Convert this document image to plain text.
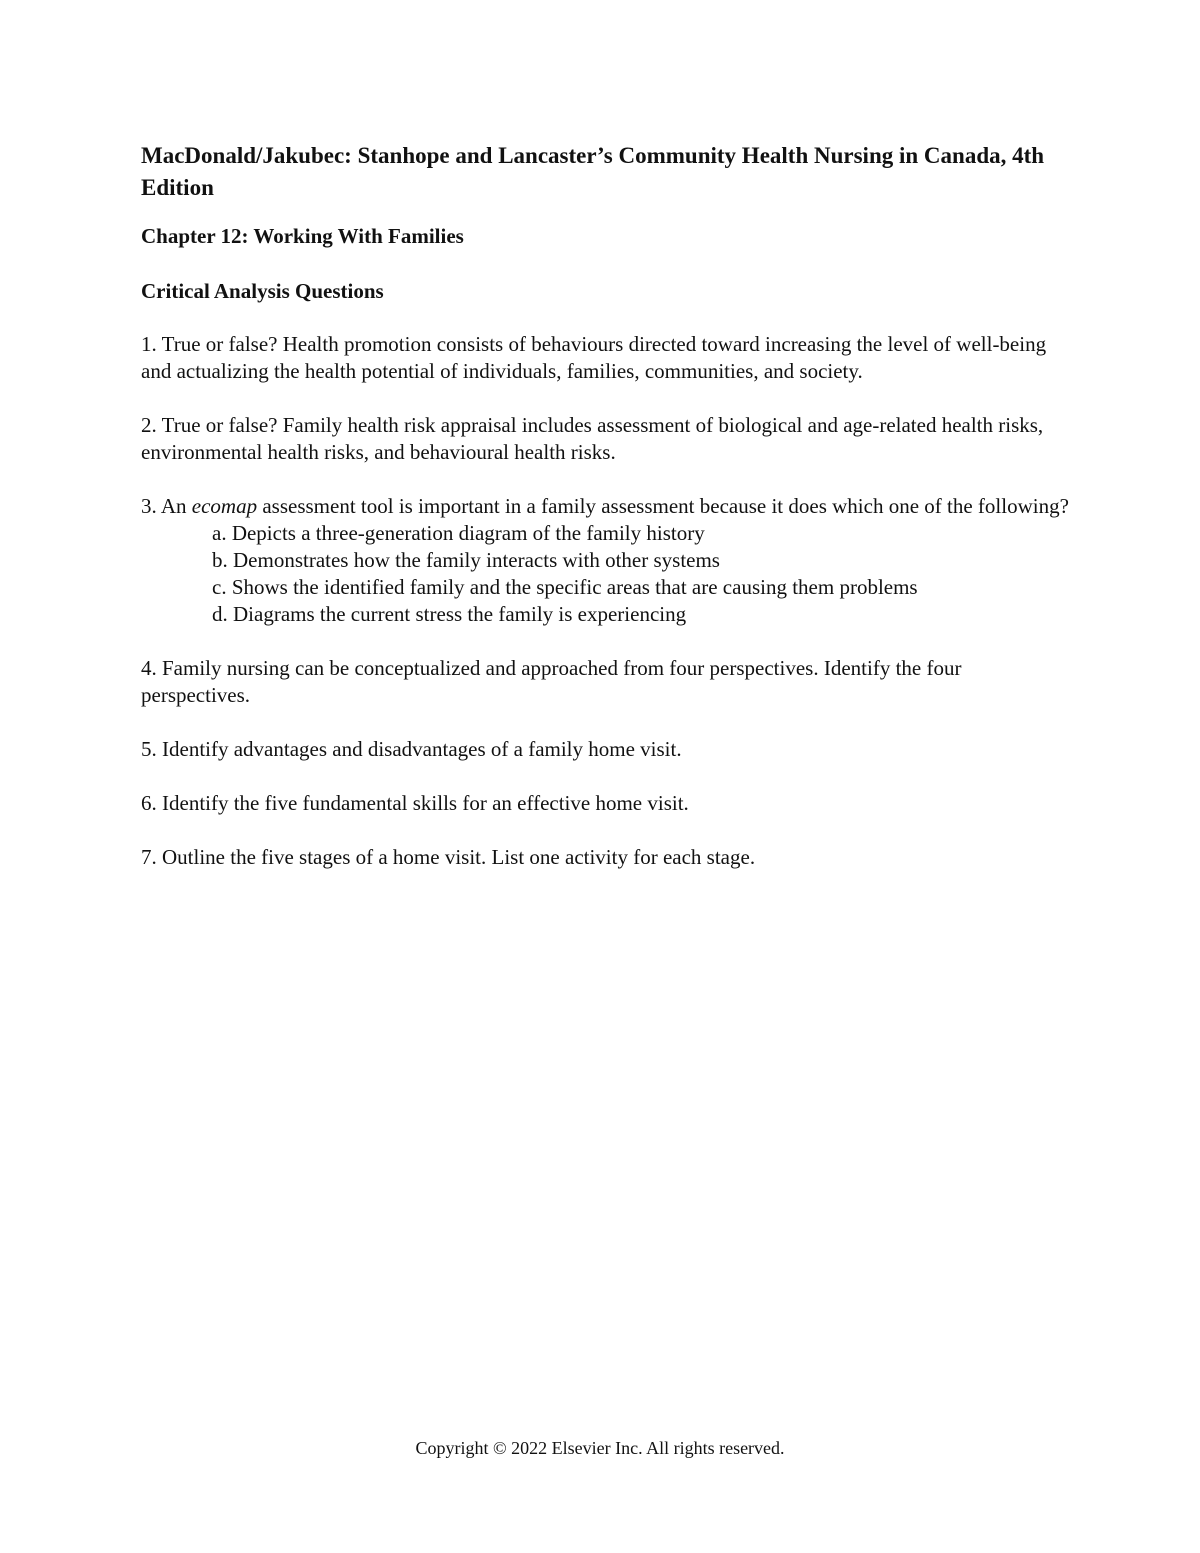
MacDonald/Jakubec: Stanhope and Lancaster’s Community Health Nursing in Canada, 4th Edition
Chapter 12: Working With Families
Critical Analysis Questions
1. True or false? Health promotion consists of behaviours directed toward increasing the level of well-being and actualizing the health potential of individuals, families, communities, and society.
2. True or false? Family health risk appraisal includes assessment of biological and age-related health risks, environmental health risks, and behavioural health risks.
3. An ecomap assessment tool is important in a family assessment because it does which one of the following?
a. Depicts a three-generation diagram of the family history
b. Demonstrates how the family interacts with other systems
c. Shows the identified family and the specific areas that are causing them problems
d. Diagrams the current stress the family is experiencing
4. Family nursing can be conceptualized and approached from four perspectives. Identify the four perspectives.
5. Identify advantages and disadvantages of a family home visit.
6. Identify the five fundamental skills for an effective home visit.
7. Outline the five stages of a home visit. List one activity for each stage.
Copyright © 2022 Elsevier Inc. All rights reserved.
